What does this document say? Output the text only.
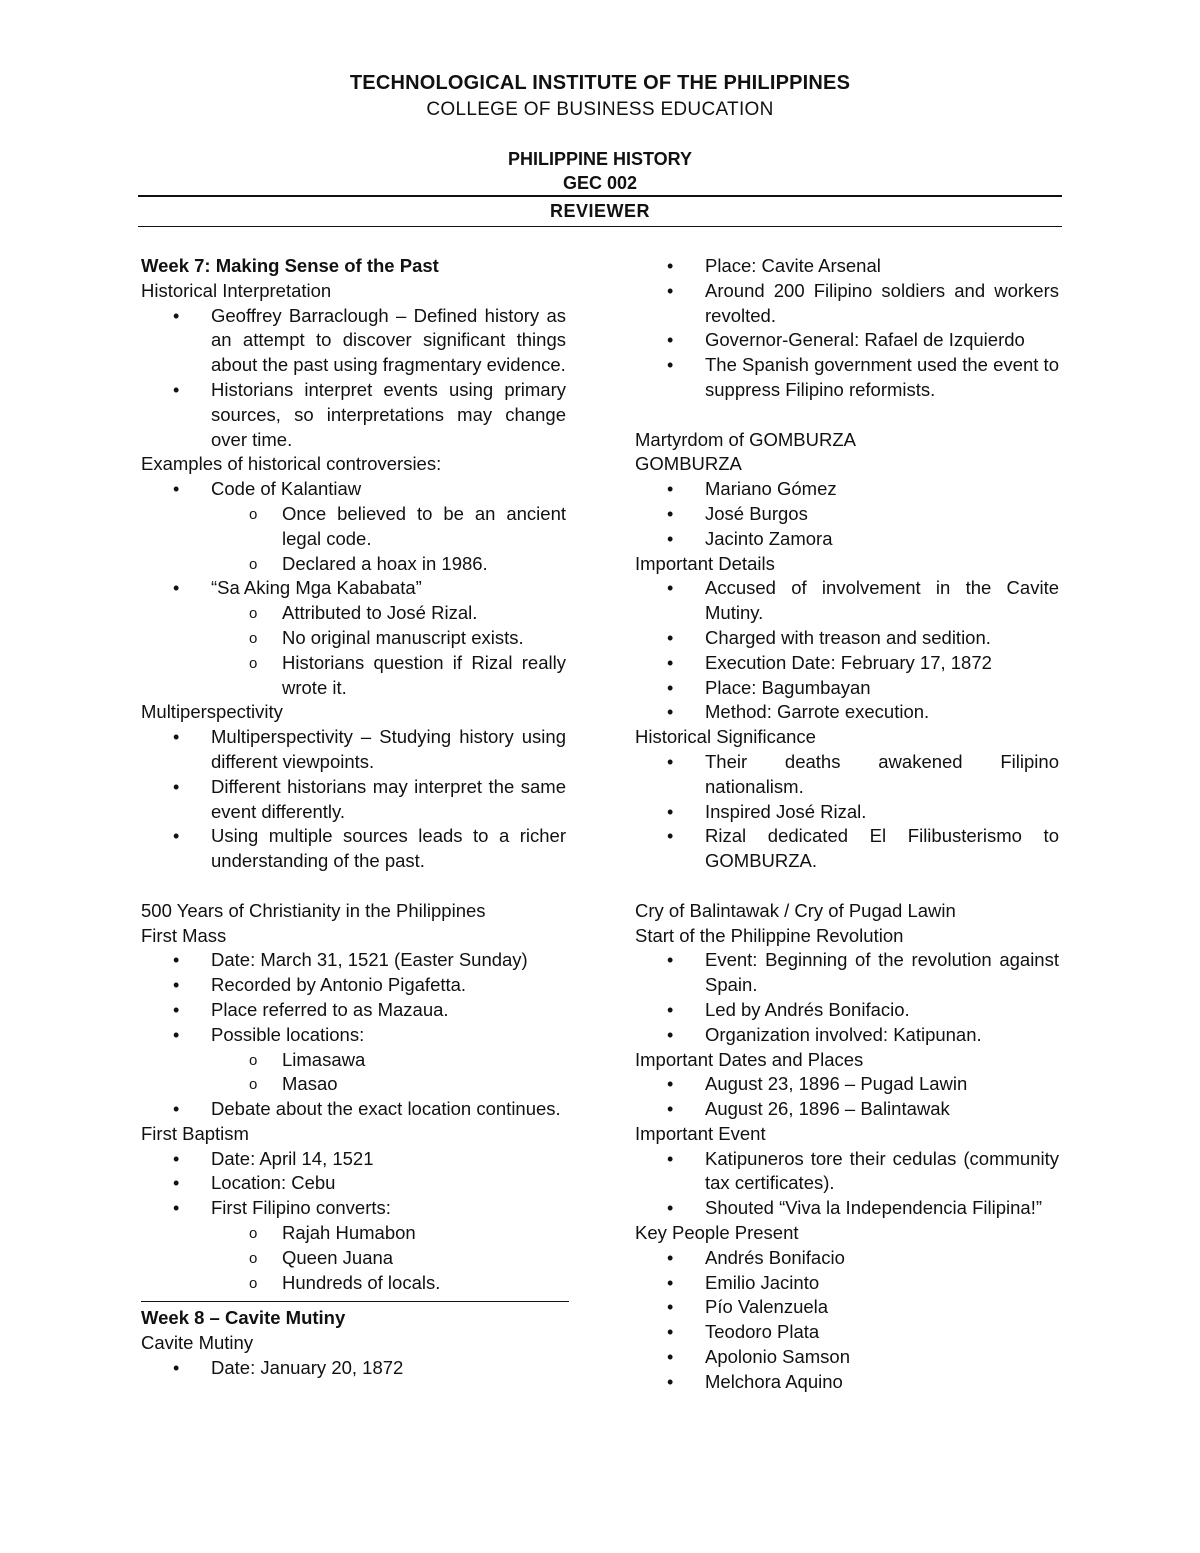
TECHNOLOGICAL INSTITUTE OF THE PHILIPPINES
COLLEGE OF BUSINESS EDUCATION
PHILIPPINE HISTORY
GEC 002
REVIEWER
Week 7: Making Sense of the Past
Historical Interpretation
• Geoffrey Barraclough – Defined history as an attempt to discover significant things about the past using fragmentary evidence.
• Historians interpret events using primary sources, so interpretations may change over time.
Examples of historical controversies:
• Code of Kalantiaw
o Once believed to be an ancient legal code.
o Declared a hoax in 1986.
• “Sa Aking Mga Kababata”
o Attributed to José Rizal.
o No original manuscript exists.
o Historians question if Rizal really wrote it.
Multiperspectivity
• Multiperspectivity – Studying history using different viewpoints.
• Different historians may interpret the same event differently.
• Using multiple sources leads to a richer understanding of the past.
500 Years of Christianity in the Philippines
First Mass
• Date: March 31, 1521 (Easter Sunday)
• Recorded by Antonio Pigafetta.
• Place referred to as Mazaua.
• Possible locations:
o Limasawa
o Masao
• Debate about the exact location continues.
First Baptism
• Date: April 14, 1521
• Location: Cebu
• First Filipino converts:
o Rajah Humabon
o Queen Juana
o Hundreds of locals.
Week 8 – Cavite Mutiny
Cavite Mutiny
• Date: January 20, 1872
• Place: Cavite Arsenal
• Around 200 Filipino soldiers and workers revolted.
• Governor-General: Rafael de Izquierdo
• The Spanish government used the event to suppress Filipino reformists.
Martyrdom of GOMBURZA
GOMBURZA
• Mariano Gómez
• José Burgos
• Jacinto Zamora
Important Details
• Accused of involvement in the Cavite Mutiny.
• Charged with treason and sedition.
• Execution Date: February 17, 1872
• Place: Bagumbayan
• Method: Garrote execution.
Historical Significance
• Their deaths awakened Filipino nationalism.
• Inspired José Rizal.
• Rizal dedicated El Filibusterismo to GOMBURZA.
Cry of Balintawak / Cry of Pugad Lawin
Start of the Philippine Revolution
• Event: Beginning of the revolution against Spain.
• Led by Andrés Bonifacio.
• Organization involved: Katipunan.
Important Dates and Places
• August 23, 1896 – Pugad Lawin
• August 26, 1896 – Balintawak
Important Event
• Katipuneros tore their cedulas (community tax certificates).
• Shouted “Viva la Independencia Filipina!”
Key People Present
• Andrés Bonifacio
• Emilio Jacinto
• Pío Valenzuela
• Teodoro Plata
• Apolonio Samson
• Melchora Aquino
